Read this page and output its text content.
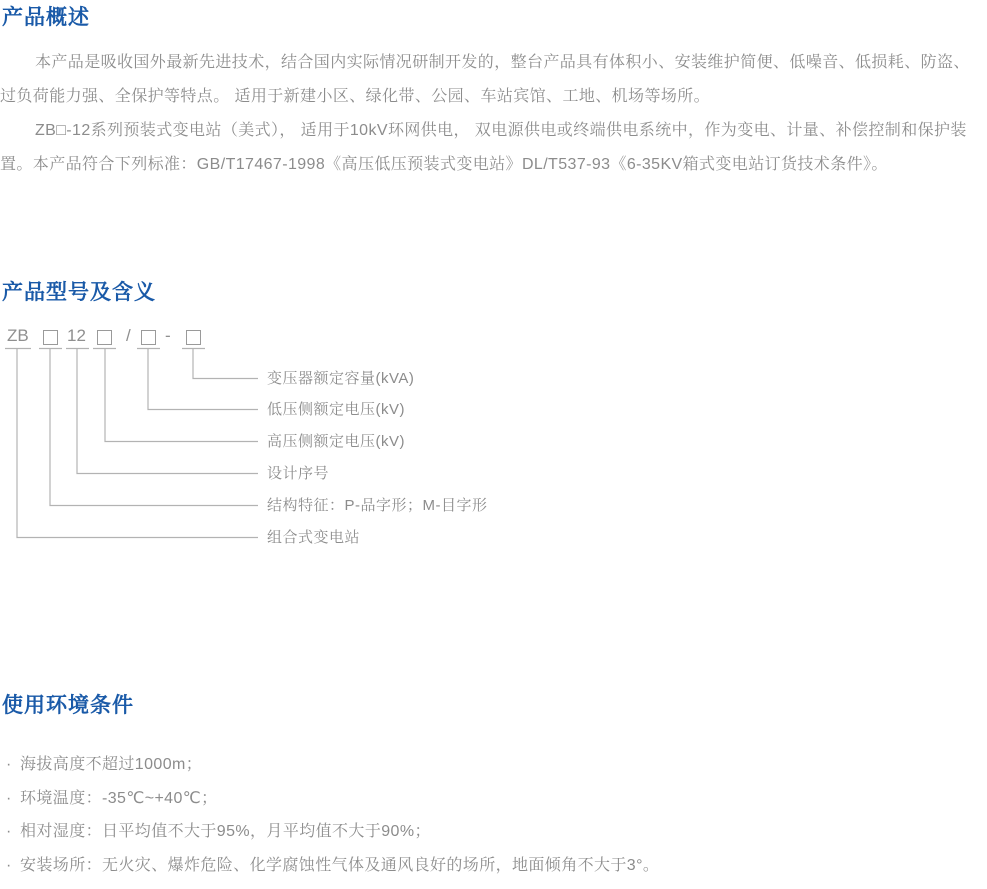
产品概述
本产品是吸收国外最新先进技术，结合国内实际情况研制开发的，整台产品具有体积小、安装维护简便、低噪音、低损耗、防盗、
过负荷能力强、全保护等特点。 适用于新建小区、绿化带、公园、车站宾馆、工地、机场等场所。
ZB□-12系列预装式变电站（美式）， 适用于10kV环网供电， 双电源供电或终端供电系统中，作为变电、计量、补偿控制和保护装
置。本产品符合下列标准：GB/T17467-1998《高压低压预装式变电站》DL/T537-93《6-35KV箱式变电站订货技术条件》。
产品型号及含义
ZB 12 / -
变压器额定容量(kVA)
低压侧额定电压(kV)
高压侧额定电压(kV)
设计序号
结构特征：P-品字形；M-目字形
组合式变电站
使用环境条件
· 海拔高度不超过1000m；
· 环境温度：-35℃~+40℃；
· 相对湿度：日平均值不大于95%，月平均值不大于90%；
· 安装场所：无火灾、爆炸危险、化学腐蚀性气体及通风良好的场所，地面倾角不大于3°。
